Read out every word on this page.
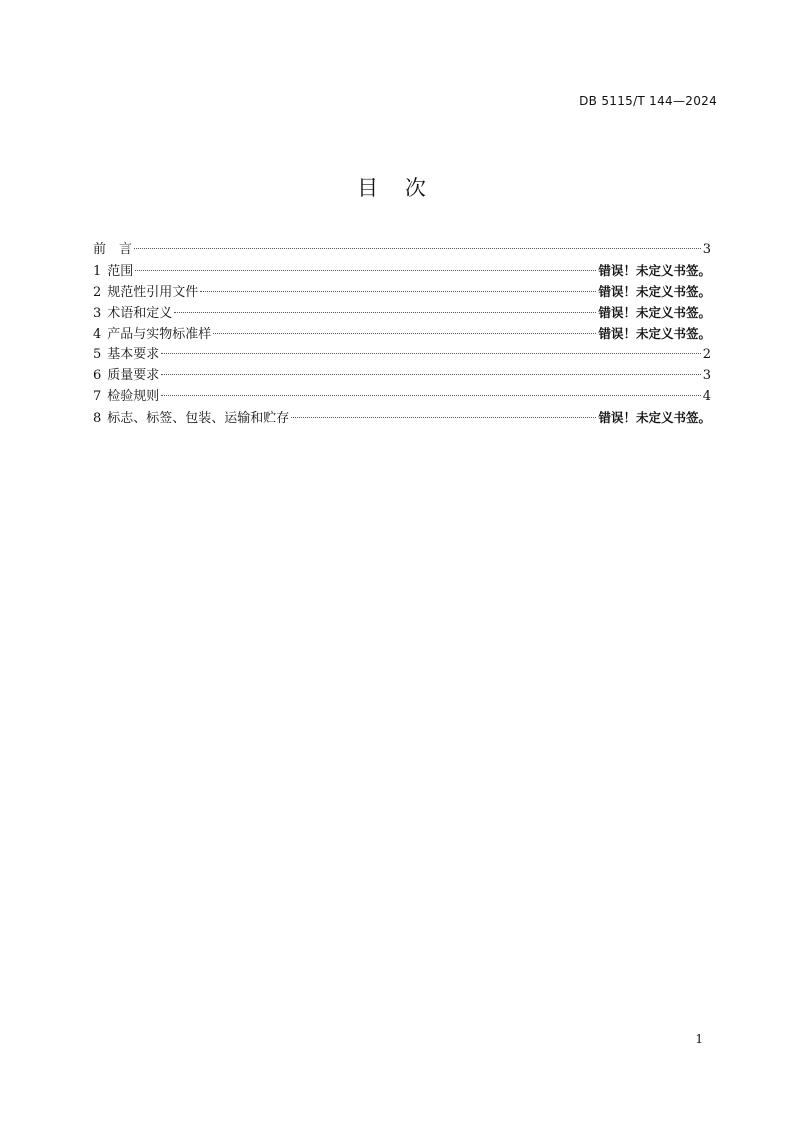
DB 5115/T 144—2024
目 次
前　言	3
1 范围	错误！未定义书签。
2 规范性引用文件	错误！未定义书签。
3 术语和定义	错误！未定义书签。
4 产品与实物标准样	错误！未定义书签。
5 基本要求	2
6 质量要求	3
7 检验规则	4
8 标志、标签、包装、运输和贮存	错误！未定义书签。
1
